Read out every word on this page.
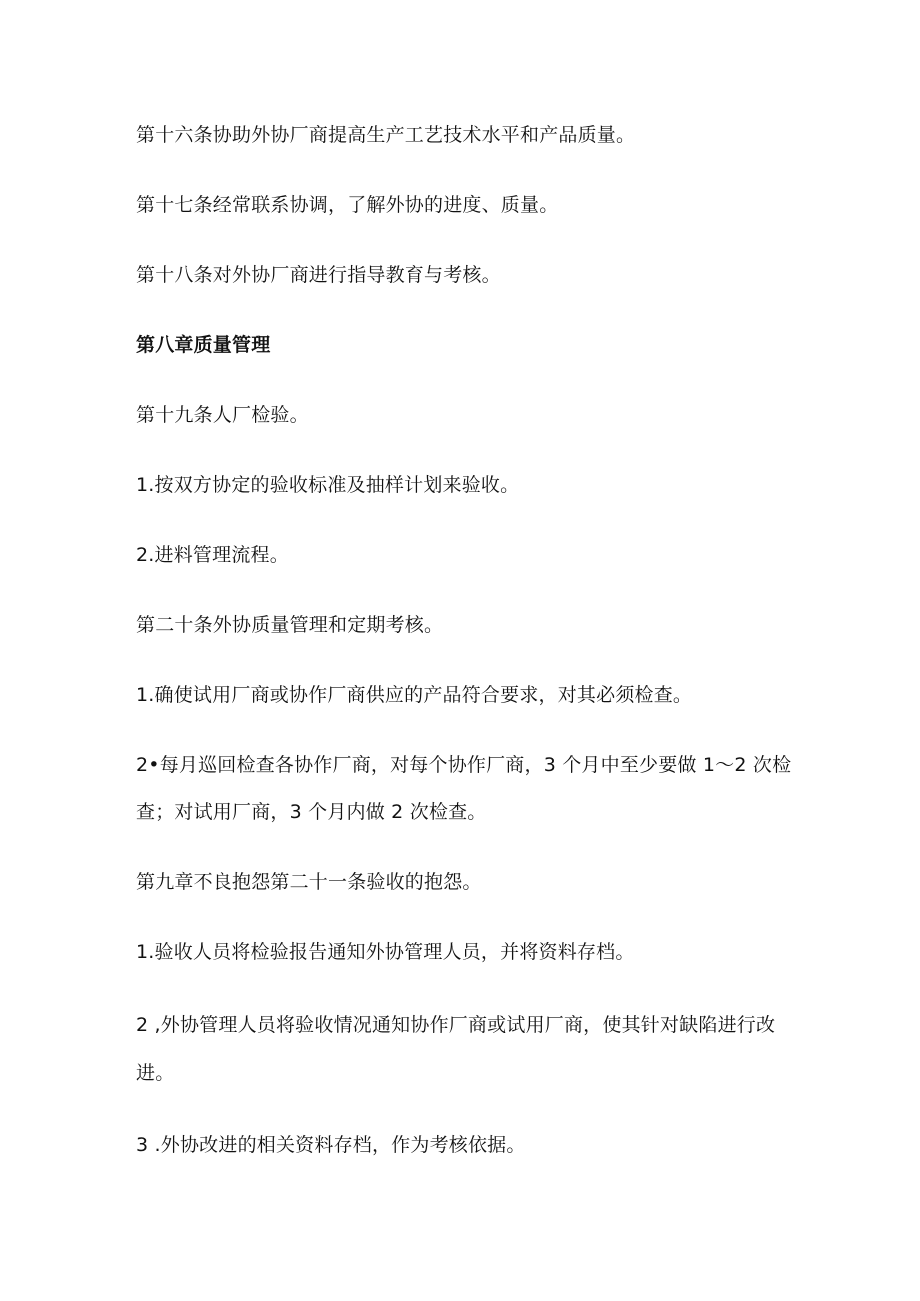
第十六条协助外协厂商提高生产工艺技术水平和产品质量。
第十七条经常联系协调，了解外协的进度、质量。
第十八条对外协厂商进行指导教育与考核。
第八章质量管理
第十九条人厂检验。
1.按双方协定的验收标准及抽样计划来验收。
2.进料管理流程。
第二十条外协质量管理和定期考核。
1.确使试用厂商或协作厂商供应的产品符合要求，对其必须检查。
2•每月巡回检查各协作厂商，对每个协作厂商，3 个月中至少要做 1〜2 次检
查；对试用厂商，3 个月内做 2 次检查。
第九章不良抱怨第二十一条验收的抱怨。
1.验收人员将检验报告通知外协管理人员，并将资料存档。
2 ,外协管理人员将验收情况通知协作厂商或试用厂商，使其针对缺陷进行改
进。
3 .外协改进的相关资料存档，作为考核依据。
